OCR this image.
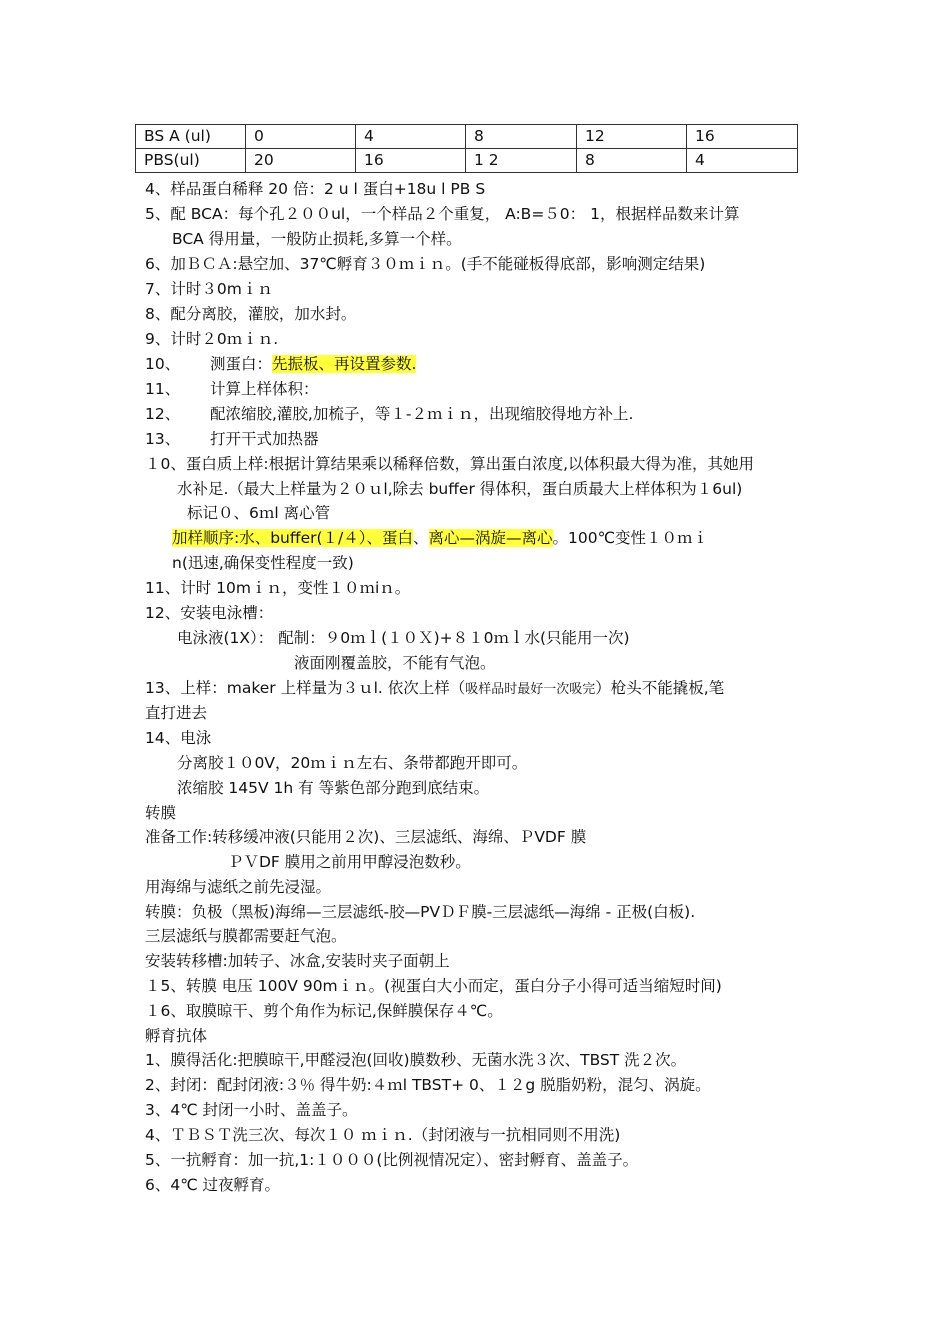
BS A (ul)	0	4	8	12	16
PBS(ul)	20	16	1 2	8	4
4、样品蛋白稀释 20 倍：2 u l 蛋白+18u l PB S
5、配 BCA：每个孔２００ul，一个样品２个重复， A:B=５0： 1，根据样品数来计算
BCA 得用量，一般防止损耗,多算一个样。
6、加ＢＣＡ:悬空加、37℃孵育３０ｍｉｎ。(手不能碰板得底部，影响测定结果)
7、计时３0mｉｎ
8、配分离胶，灌胶，加水封。
9、计时２0ｍｉｎ.
10、 测蛋白：先振板、再设置参数.
11、 计算上样体积：
12、 配浓缩胶,灌胶,加梳子，等１-２ｍｉｎ，出现缩胶得地方补上.
13、 打开干式加热器
１0、蛋白质上样:根据计算结果乘以稀释倍数，算出蛋白浓度,以体积最大得为准，其她用
水补足.（最大上样量为２０ｕl,除去 buffer 得体积，蛋白质最大上样体积为１6ul)
标记０、6ｍl 离心管
加样顺序:水、buffer(１/４）、蛋白、离心—涡旋—离心。100℃变性１０ｍｉ
n(迅速,确保变性程度一致)
11、计时 10mｉｎ，变性１０ｍiｎ。
12、安装电泳槽：
电泳液(1X）： 配制：９0ｍｌ(１０Ｘ)+８１0ｍｌ水(只能用一次)
液面刚覆盖胶，不能有气泡。
13、上样：maker 上样量为３ｕl. 依次上样（吸样品时最好一次吸完）枪头不能撬板,笔
直打进去
14、电泳
分离胶１０0V，20ｍｉｎ左右、条带都跑开即可。
浓缩胶 145V 1h 有 等紫色部分跑到底结束。
转膜
准备工作:转移缓冲液(只能用２次)、三层滤纸、海绵、ＰVDF 膜
ＰＶDF 膜用之前用甲醇浸泡数秒。
用海绵与滤纸之前先浸湿。
转膜：负极（黑板)海绵—三层滤纸-胶—PVＤＦ膜-三层滤纸—海绵 - 正极(白板).
三层滤纸与膜都需要赶气泡。
安装转移槽:加转子、冰盒,安装时夹子面朝上
１5、转膜 电压 100V 90mｉｎ。(视蛋白大小而定，蛋白分子小得可适当缩短时间)
１6、取膜晾干、剪个角作为标记,保鲜膜保存４℃。
孵育抗体
1、膜得活化:把膜晾干,甲醛浸泡(回收)膜数秒、无菌水洗３次、TBST 洗２次。
2、封闭：配封闭液:３％ 得牛奶:４ｍl TBST+ 0、１２g 脱脂奶粉，混匀、涡旋。
3、4℃ 封闭一小时、盖盖子。
4、ＴＢＳＴ洗三次、每次１０ ｍｉｎ.（封闭液与一抗相同则不用洗)
5、一抗孵育：加一抗,1:１０００(比例视情况定）、密封孵育、盖盖子。
6、4℃ 过夜孵育。
